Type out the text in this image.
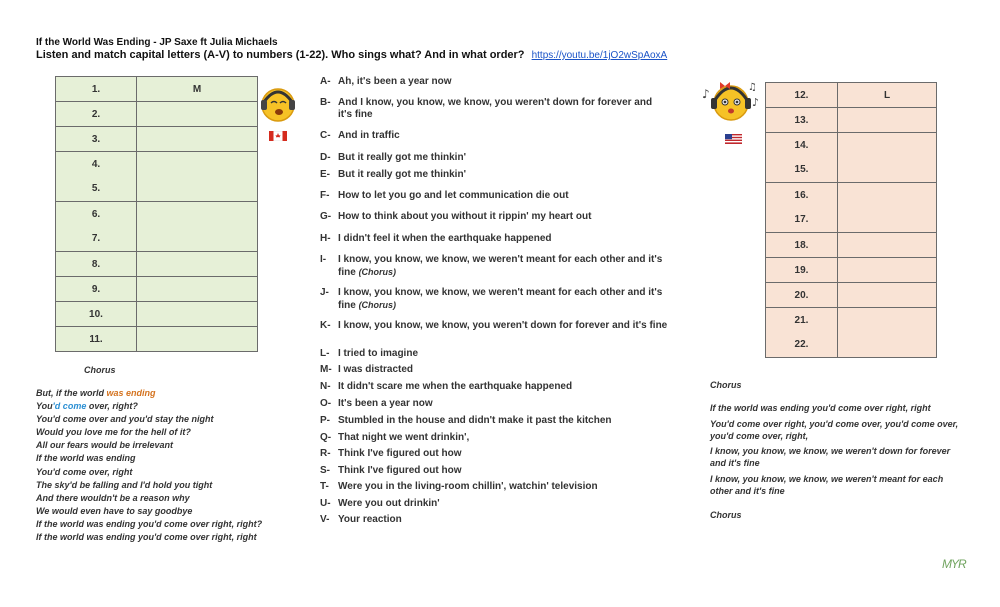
If the World Was Ending - JP Saxe ft Julia Michaels
Listen and match capital letters (A-V) to numbers (1-22). Who sings what? And in what order? https://youtu.be/1jO2wSpAoxA
1.	M
2.	
3.	
4.	
5.	
6.	
7.	
8.	
9.	
10.	
11.	
Chorus
But, if the world was ending
You'd come over, right?
You'd come over and you'd stay the night
Would you love me for the hell of it?
All our fears would be irrelevant
If the world was ending
You'd come over, right
The sky'd be falling and I'd hold you tight
And there wouldn't be a reason why
We would even have to say goodbye
If the world was ending you'd come over right, right?
If the world was ending you'd come over right, right
A- Ah, it's been a year now
B- And I know, you know, we know, you weren't down for forever and it's fine
C- And in traffic
D- But it really got me thinkin'
E- But it really got me thinkin'
F- How to let you go and let communication die out
G- How to think about you without it rippin' my heart out
H- I didn't feel it when the earthquake happened
I- I know, you know, we know, we weren't meant for each other and it's fine (Chorus)
J- I know, you know, we know, we weren't meant for each other and it's fine (Chorus)
K- I know, you know, we know, you weren't down for forever and it's fine
L- I tried to imagine
M- I was distracted
N- It didn't scare me when the earthquake happened
O- It's been a year now
P- Stumbled in the house and didn't make it past the kitchen
Q- That night we went drinkin',
R- Think I've figured out how
S- Think I've figured out how
T- Were you in the living-room chillin', watchin' television
U- Were you out drinkin'
V- Your reaction
♪	♫
♪
12.	L
13.	
14.	
15.	
16.	
17.	
18.	
19.	
20.	
21.	
22.	
Chorus
If the world was ending you'd come over right, right
You'd come over right, you'd come over, you'd come over, you'd come over, right,
I know, you know, we know, we weren't down for forever and it's fine
I know, you know, we know, we weren't meant for each other and it's fine
Chorus
MYR
